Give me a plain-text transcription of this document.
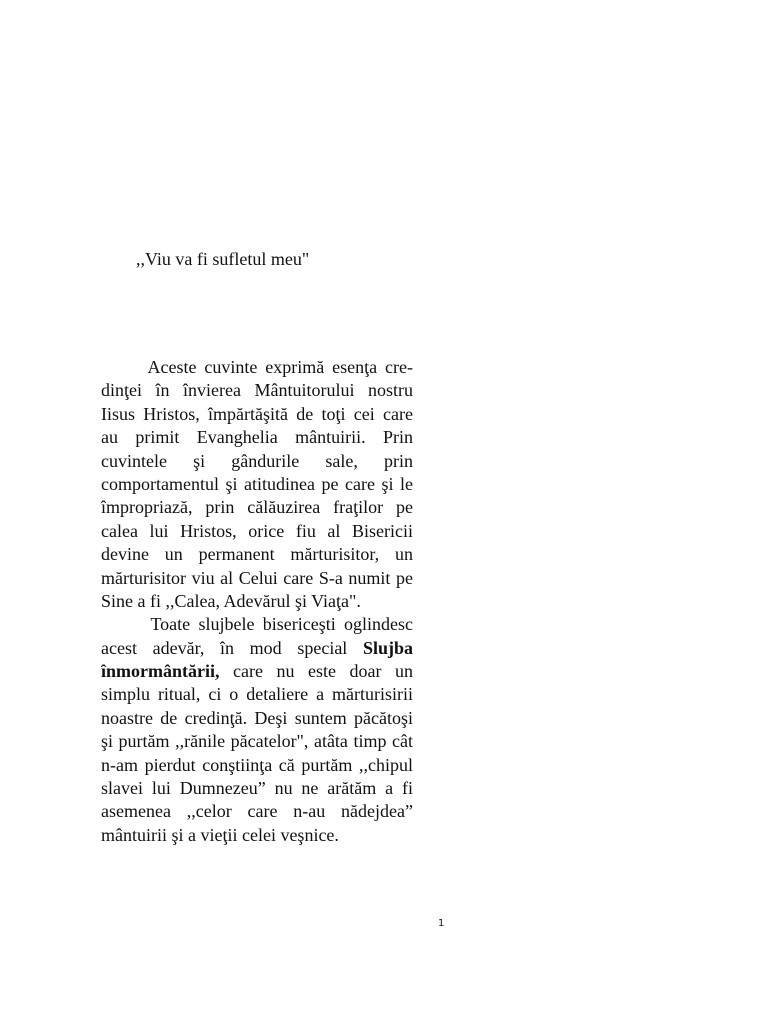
,,Viu va fi sufletul meu"
Aceste cuvinte exprimă esenţa cre-
dinţei în învierea Mântuitorului nostru
Iisus Hristos, împărtăşită de toţi cei care
au primit Evanghelia mântuirii. Prin
cuvintele şi gândurile sale, prin
comportamentul şi atitudinea pe care şi le
împropriază, prin călăuzirea fraţilor pe
calea lui Hristos, orice fiu al Bisericii
devine un permanent mărturisitor, un
mărturisitor viu al Celui care S-a numit pe
Sine a fi ,,Calea, Adevărul şi Viaţa".
Toate slujbele bisericeşti oglindesc
acest adevăr, în mod special Slujba
înmormântării, care nu este doar un
simplu ritual, ci o detaliere a mărturisirii
noastre de credinţă. Deşi suntem păcătoşi
şi purtăm ,,rănile păcatelor", atâta timp cât
n-am pierdut conştiinţa că purtăm ,,chipul
slavei lui Dumnezeu” nu ne arătăm a fi
asemenea ,,celor care n-au nădejdea”
mântuirii şi a vieţii celei veşnice.
1
